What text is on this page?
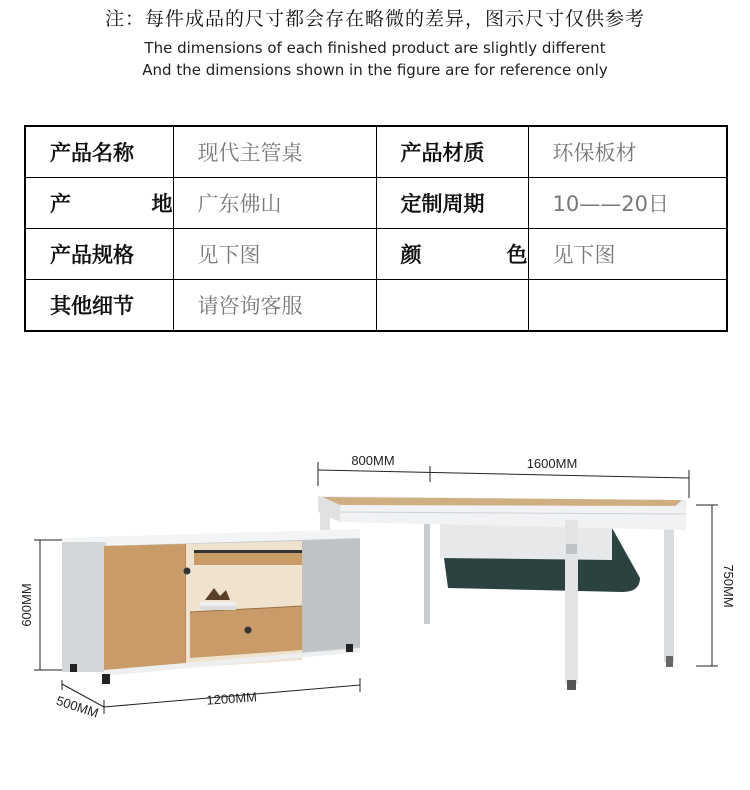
注：每件成品的尺寸都会存在略微的差异，图示尺寸仅供参考
The dimensions of each finished product are slightly different
And the dimensions shown in the figure are for reference only
产品名称	现代主管桌	产品材质	环保板材
产　地	广东佛山	定制周期	10——20日
产品规格	见下图	颜　色	见下图
其他细节	请咨询客服		
800MM	1600MM
750MM
600MM
500MM	1200MM
